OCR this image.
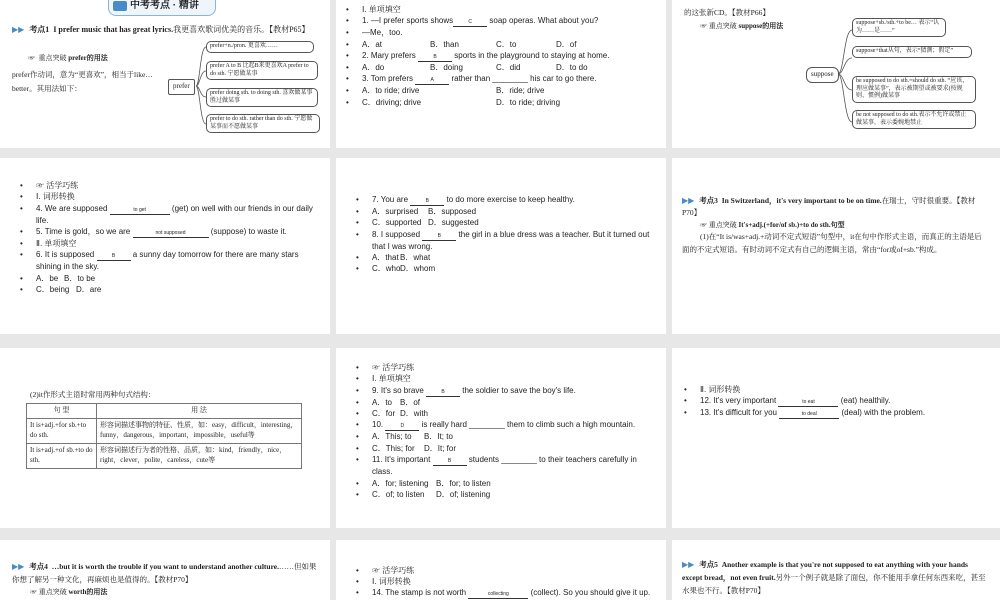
中考考点 · 精讲
▶▶ 考点1 I prefer music that has great lyrics.我更喜欢歌词优美的音乐。【教材P65】
☞ 重点突破 prefer的用法
prefer作动词，意为“更喜欢”，相当于like…better。其用法如下：	prefer
prefer+n./pron. 更喜欢……
prefer A to B 比起B来更喜欢A prefer to do sth. 宁愿做某事
prefer doing sth. to doing sth. 喜欢做某事胜过做某事
prefer to do sth. rather than do sth. 宁愿做某事而不愿做某事
•	Ⅰ. 单项填空
•	1. —I prefer sports shows	C soap operas. What about you?
•	—Me，too.
•	A．at	B．than	C．to	D．of
•	2. Mary prefers	B sports in the playground to staying at home.
•	A．do	B．doing	C．did	D．to do
•	3. Tom prefers	A rather than ________ his car to go there.
•	A．to ride; drive	B．ride; drive
•	C．driving; drive	D．to ride; driving
的这张新CD。【教材P66】
☞ 重点突破 suppose的用法
suppose
suppose+sb./sth.+to be… 表示“认为……是……”
suppose+that从句，表示“猜测；假定”
be supposed to do sth.=should do sth. “应该，理应做某事”，表示被期望或被要求(按规则、惯例)做某事
be not supposed to do sth.表示不允许或禁止做某事，表示委婉地禁止
•	☞ 活学巧练
•	Ⅰ. 词形转换
•	4. We are supposed	to get	(get) on well with our friends in our daily life.
•	5. Time is gold，so we are	not supposed	(suppose) to waste it.
•	Ⅱ. 单项填空
•	6. It is supposed	B a sunny day tomorrow for there are many stars shining in the sky.
•	A．be B．to be
•	C．being D．are
•	7. You are	B to do more exercise to keep healthy.
•	A．surprised	B．supposed
•	C．supported D．suggested
•	8. I supposed	B the girl in a blue dress was a teacher. But it turned out that I was wrong.
•	A．that B．what
•	C．who D．whom
▶▶ 考点3 In Switzerland，it's very important to be on time.在瑞士，守时很重要。【教材P70】
☞ 重点突破 It's+adj.(+for/of sb.)+to do sth.句型
(1)在“It is/was+adj.+动词不定式短语”句型中，it在句中作形式主语，而真正的主语是后面的不定式短语。有时动词不定式有自己的逻辑主语，常由“for或of+sb.”构成。
(2)it作形式主语时常用两种句式结构：
句 型	用 法
It is+adj.+for sb.+to do sth.	形容词描述事物的特征、性质，如：easy，difficult，interesting，funny，dangerous，important，impossible，useful等
It is+adj.+of sb.+to do sth.	形容词描述行为者的性格、品质，如：kind，friendly，nice，right，clever，polite，careless，cute等
•	☞ 活学巧练
•	Ⅰ. 单项填空
•	9. It's so brave	B the soldier to save the boy's life.
•	A．to B．of
•	C．for D．with
•	10.	D is really hard ________ them to climb such a high mountain.
•	A．This; to	B．It; to
•	C．This; for	D．It; for
•	11. It's important	B students ________ to their teachers carefully in class.
•	A．for; listening B．for; to listen
•	C．of; to listen	D．of; listening
•	Ⅱ. 词形转换
•	12. It's very important	to eat	(eat) healthily.
•	13. It's difficult for you	to deal	(deal) with the problem.
▶▶ 考点4 …but it is worth the trouble if you want to understand another culture.……但如果你想了解另一种文化，再麻烦也是值得的。【教材P70】
☞ 重点突破 worth的用法
•	☞ 活学巧练
•	Ⅰ. 词形转换
•	14. The stamp is not worth	collecting	(collect). So you should give it up.
▶▶ 考点5 Another example is that you're not supposed to eat anything with your hands except bread，not even fruit.另外一个例子就是除了面包，你不能用手拿任何东西来吃，甚至水果也不行。【教材P70】
